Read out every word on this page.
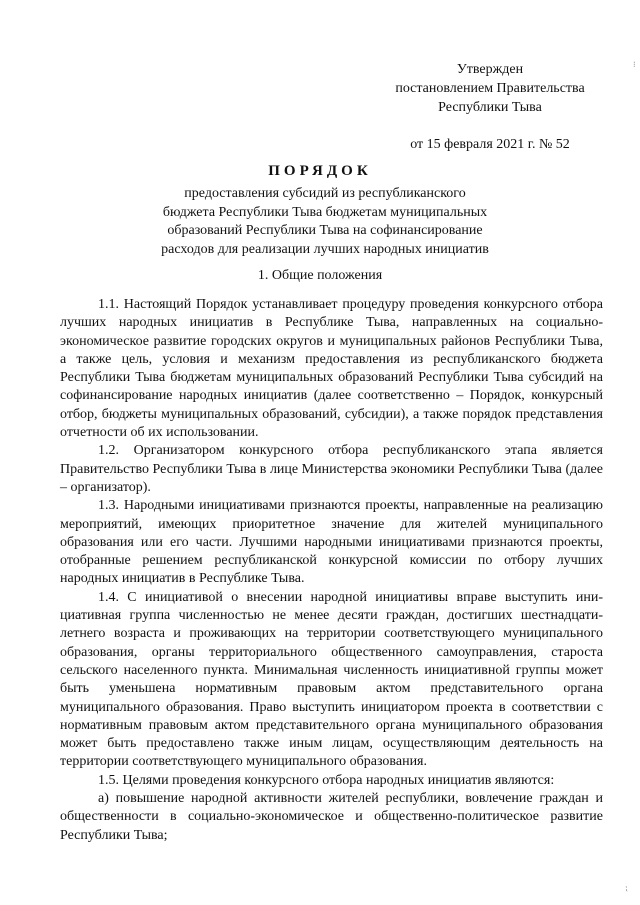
⁝
⁏
Утвержден
постановлением Правительства
Республики Тыва
от 15 февраля 2021 г. № 52
ПОРЯДОК
предоставления субсидий из республиканского
бюджета Республики Тыва бюджетам муниципальных
образований Республики Тыва на софинансирование
расходов для реализации лучших народных инициатив
1. Общие положения

1.1. Настоящий Порядок устанавливает процедуру проведения конкурсного отбора лучших народных инициатив в Республике Тыва, направленных на социально-экономическое развитие городских округов и муниципальных районов Республики Тыва, а также цель, условия и механизм предоставления из республиканского бюджета Республики Тыва бюджетам муниципальных образований Республики Тыва субсидий на софинансирование народных инициатив (далее соответственно – Порядок, конкурсный отбор, бюджеты муниципальных образований, субсидии), а также порядок представления отчетности об их использовании.

1.2. Организатором конкурсного отбора республиканского этапа является Правительство Республики Тыва в лице Министерства экономики Республики Тыва (далее – организатор).

1.3. Народными инициативами признаются проекты, направленные на реализацию мероприятий, имеющих приоритетное значение для жителей муниципального образования или его части. Лучшими народными инициативами признаются проекты, отобранные решением республиканской конкурсной комиссии по отбору лучших народных инициатив в Республике Тыва.

1.4. С инициативой о внесении народной инициативы вправе выступить инициативная группа численностью не менее десяти граждан, достигших шестнадцатилетнего возраста и проживающих на территории соответствующего муниципального образования, органы территориального общественного самоуправления, староста сельского населенного пункта. Минимальная численность инициативной группы может быть уменьшена нормативным правовым актом представительного органа муниципального образования. Право выступить инициатором проекта в соответствии с нормативным правовым актом представительного органа муниципального образования может быть предоставлено также иным лицам, осуществляющим деятельность на территории соответствующего муниципального образования.

1.5. Целями проведения конкурсного отбора народных инициатив являются:

а) повышение народной активности жителей республики, вовлечение граждан и общественности в социально-экономическое и общественно-политическое развитие Республики Тыва;
